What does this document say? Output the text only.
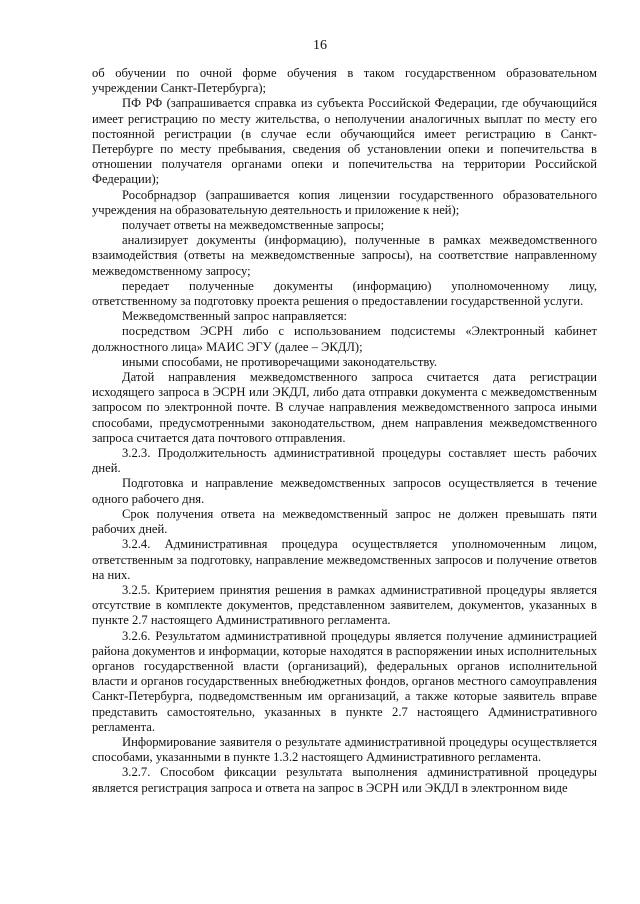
16

об обучении по очной форме обучения в таком государственном образовательном учреждении Санкт-Петербурга);

ПФ РФ (запрашивается справка из субъекта Российской Федерации, где обучающийся имеет регистрацию по месту жительства, о неполучении аналогичных выплат по месту его постоянной регистрации (в случае если обучающийся имеет регистрацию в Санкт-Петербурге по месту пребывания, сведения об установлении опеки и попечительства в отношении получателя органами опеки и попечительства на территории Российской Федерации);

Рособрнадзор (запрашивается копия лицензии государственного образовательного учреждения на образовательную деятельность и приложение к ней);

получает ответы на межведомственные запросы;

анализирует документы (информацию), полученные в рамках межведомственного взаимодействия (ответы на межведомственные запросы), на соответствие направленному межведомственному запросу;

передает полученные документы (информацию) уполномоченному лицу, ответственному за подготовку проекта решения о предоставлении государственной услуги.

Межведомственный запрос направляется:

посредством ЭСРН либо с использованием подсистемы «Электронный кабинет должностного лица» МАИС ЭГУ (далее – ЭКДЛ);

иными способами, не противоречащими законодательству.

Датой направления межведомственного запроса считается дата регистрации исходящего запроса в ЭСРН или ЭКДЛ, либо дата отправки документа с межведомственным запросом по электронной почте. В случае направления межведомственного запроса иными способами, предусмотренными законодательством, днем направления межведомственного запроса считается дата почтового отправления.

3.2.3. Продолжительность административной процедуры составляет шесть рабочих дней.

Подготовка и направление межведомственных запросов осуществляется в течение одного рабочего дня.

Срок получения ответа на межведомственный запрос не должен превышать пяти рабочих дней.

3.2.4. Административная процедура осуществляется уполномоченным лицом, ответственным за подготовку, направление межведомственных запросов и получение ответов на них.

3.2.5. Критерием принятия решения в рамках административной процедуры является отсутствие в комплекте документов, представленном заявителем, документов, указанных в пункте 2.7 настоящего Административного регламента.

3.2.6. Результатом административной процедуры является получение администрацией района документов и информации, которые находятся в распоряжении иных исполнительных органов государственной власти (организаций), федеральных органов исполнительной власти и органов государственных внебюджетных фондов, органов местного самоуправления Санкт-Петербурга, подведомственным им организаций, а также которые заявитель вправе представить самостоятельно, указанных в пункте 2.7 настоящего Административного регламента.

Информирование заявителя о результате административной процедуры осуществляется способами, указанными в пункте 1.3.2 настоящего Административного регламента.

3.2.7. Способом фиксации результата выполнения административной процедуры является регистрация запроса и ответа на запрос в ЭСРН или ЭКДЛ в электронном виде
